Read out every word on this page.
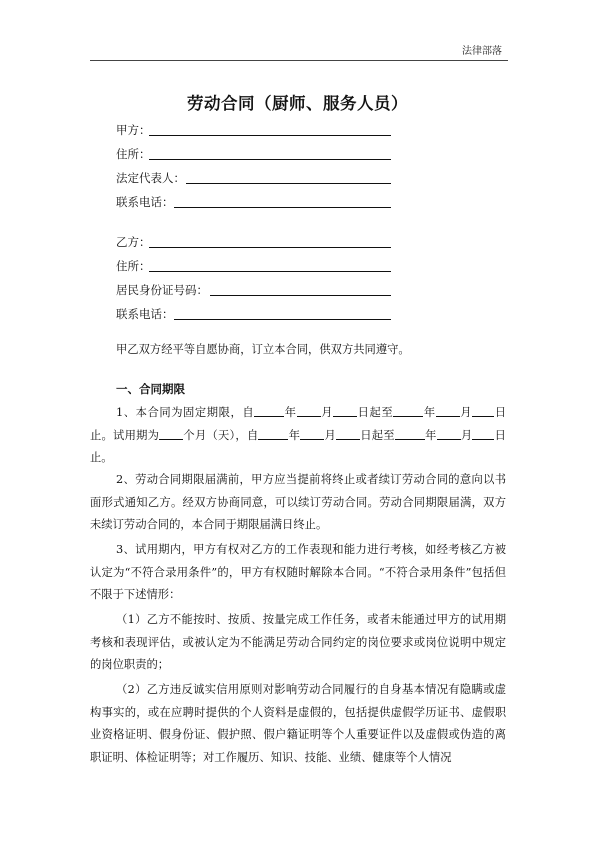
法律部落
劳动合同（厨师、服务人员）
甲方：
住所：
法定代表人：
联系电话：
乙方：
住所：
居民身份证号码：
联系电话：
甲乙双方经平等自愿协商，订立本合同，供双方共同遵守。
一、合同期限
1、本合同为固定期限，自	年 月 日起至	年 月 日止。试用期为 个月（天），自	年 月 日起至	年 月 日止。
2、劳动合同期限届满前，甲方应当提前将终止或者续订劳动合同的意向以书面形式通知乙方。经双方协商同意，可以续订劳动合同。劳动合同期限届满，双方未续订劳动合同的，本合同于期限届满日终止。
3、试用期内，甲方有权对乙方的工作表现和能力进行考核，如经考核乙方被认定为“不符合录用条件”的，甲方有权随时解除本合同。“不符合录用条件”包括但不限于下述情形：
（1）乙方不能按时、按质、按量完成工作任务，或者未能通过甲方的试用期考核和表现评估，或被认定为不能满足劳动合同约定的岗位要求或岗位说明中规定的岗位职责的；
（2）乙方违反诚实信用原则对影响劳动合同履行的自身基本情况有隐瞒或虚构事实的，或在应聘时提供的个人资料是虚假的，包括提供虚假学历证书、虚假职业资格证明、假身份证、假护照、假户籍证明等个人重要证件以及虚假或伪造的离职证明、体检证明等；对工作履历、知识、技能、业绩、健康等个人情况
